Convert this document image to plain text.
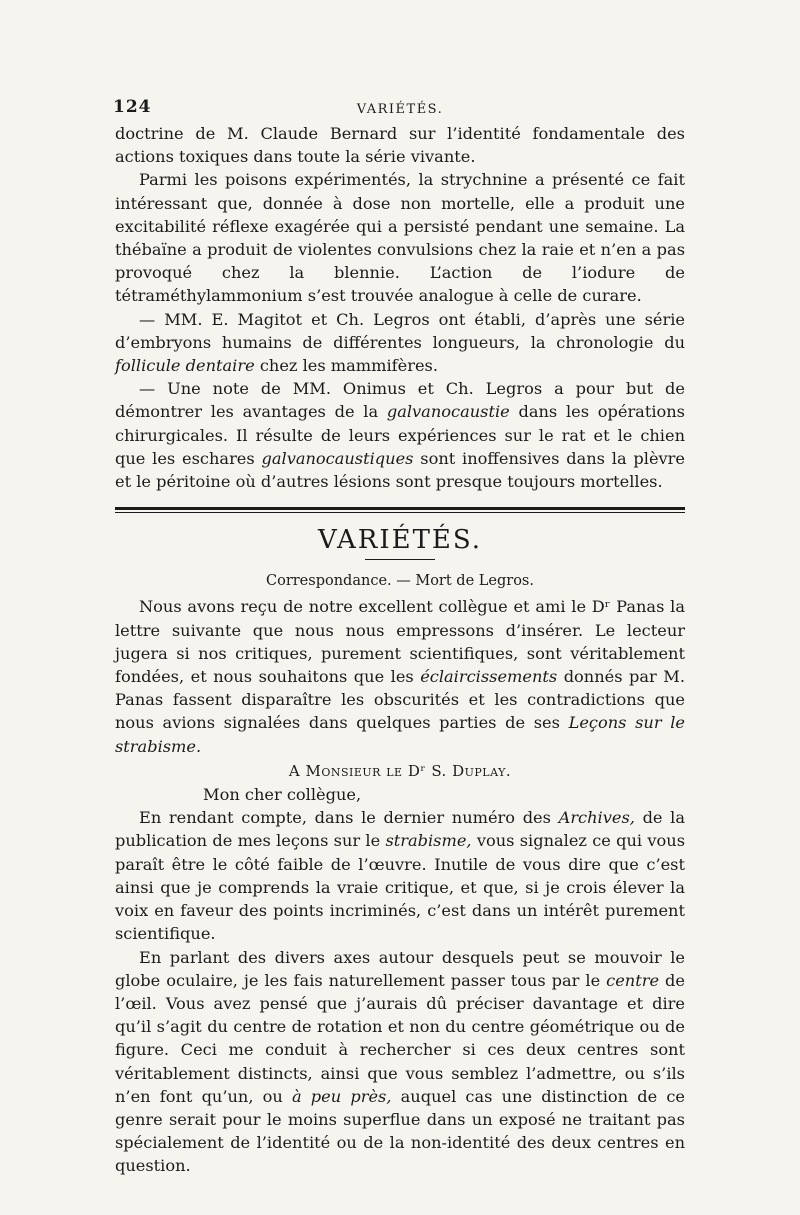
124	VARIÉTÉS.

doctrine de M. Claude Bernard sur l’identité fondamentale des actions toxiques dans toute la série vivante.

Parmi les poisons expérimentés, la strychnine a présenté ce fait intéressant que, donnée à dose non mortelle, elle a produit une excitabilité réflexe exagérée qui a persisté pendant une semaine. La thébaïne a produit de violentes convulsions chez la raie et n’en a pas provoqué chez la blennie. L’action de l’iodure de tétraméthylammonium s’est trouvée analogue à celle de curare.

— MM. E. Magitot et Ch. Legros ont établi, d’après une série d’embryons humains de différentes longueurs, la chronologie du follicule dentaire chez les mammifères.

— Une note de MM. Onimus et Ch. Legros a pour but de démontrer les avantages de la galvanocaustie dans les opérations chirurgicales. Il résulte de leurs expériences sur le rat et le chien que les eschares galvanocaustiques sont inoffensives dans la plèvre et le péritoine où d’autres lésions sont presque toujours mortelles.

VARIÉTÉS.
Correspondance. — Mort de Legros.

Nous avons reçu de notre excellent collègue et ami le Dʳ Panas la lettre suivante que nous nous empressons d’insérer. Le lecteur jugera si nos critiques, purement scientifiques, sont véritablement fondées, et nous souhaitons que les éclaircissements donnés par M. Panas fassent disparaître les obscurités et les contradictions que nous avions signalées dans quelques parties de ses Leçons sur le strabisme.

A Monsieur le Dʳ S. Duplay.

Mon cher collègue,

En rendant compte, dans le dernier numéro des Archives, de la publication de mes leçons sur le strabisme, vous signalez ce qui vous paraît être le côté faible de l’œuvre. Inutile de vous dire que c’est ainsi que je comprends la vraie critique, et que, si je crois élever la voix en faveur des points incriminés, c’est dans un intérêt purement scientifique.

En parlant des divers axes autour desquels peut se mouvoir le globe oculaire, je les fais naturellement passer tous par le centre de l’œil. Vous avez pensé que j’aurais dû préciser davantage et dire qu’il s’agit du centre de rotation et non du centre géométrique ou de figure. Ceci me conduit à rechercher si ces deux centres sont véritablement distincts, ainsi que vous semblez l’admettre, ou s’ils n’en font qu’un, ou à peu près, auquel cas une distinction de ce genre serait pour le moins superflue dans un exposé ne traitant pas spécialement de l’identité ou de la non-identité des deux centres en question.
